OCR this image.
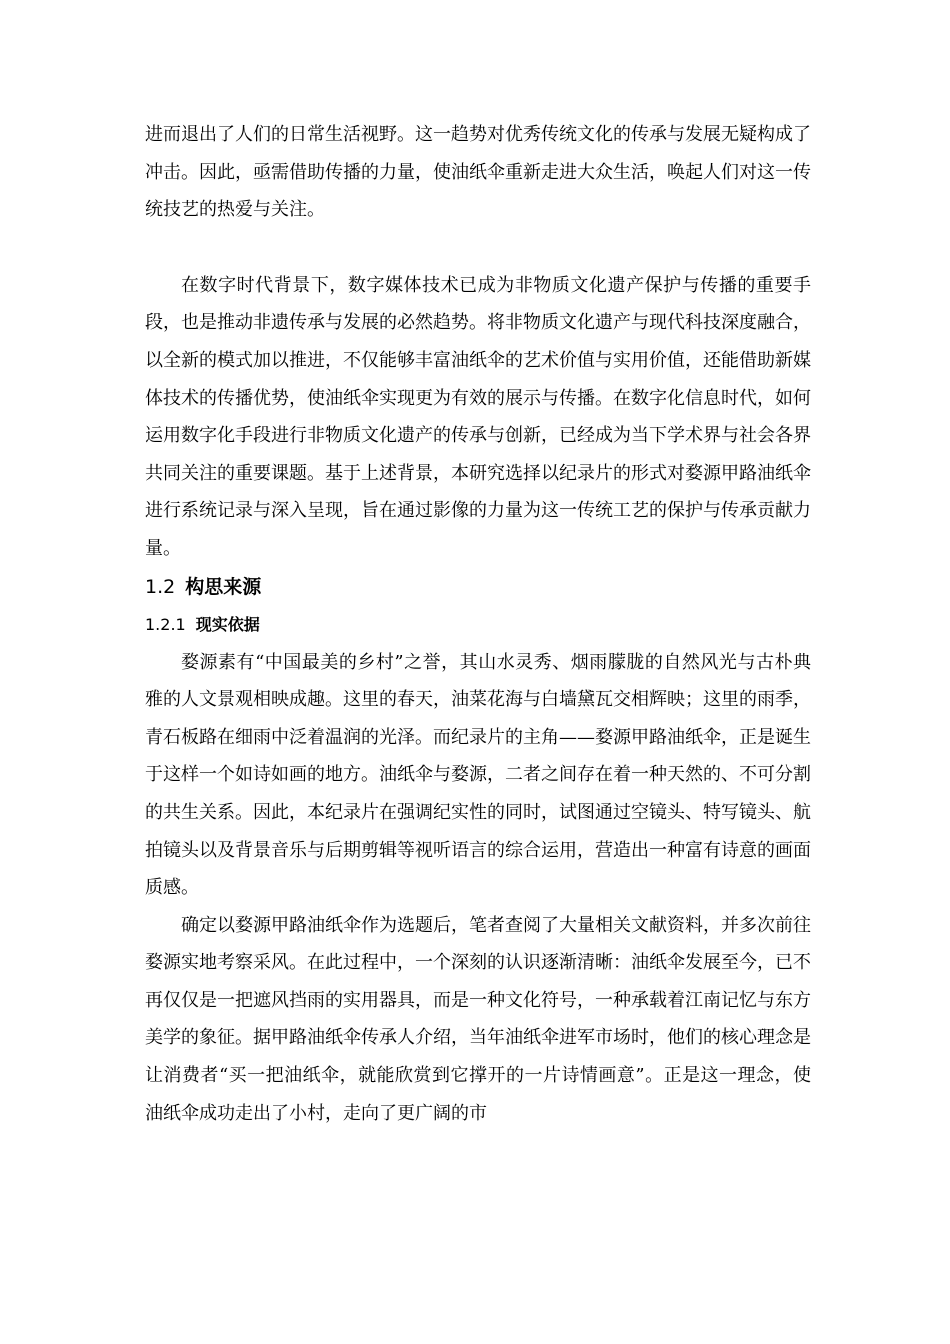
进而退出了人们的日常生活视野。这一趋势对优秀传统文化的传承与发展无疑构成了冲击。因此，亟需借助传播的力量，使油纸伞重新走进大众生活，唤起人们对这一传统技艺的热爱与关注。

在数字时代背景下，数字媒体技术已成为非物质文化遗产保护与传播的重要手段，也是推动非遗传承与发展的必然趋势。将非物质文化遗产与现代科技深度融合，以全新的模式加以推进，不仅能够丰富油纸伞的艺术价值与实用价值，还能借助新媒体技术的传播优势，使油纸伞实现更为有效的展示与传播。在数字化信息时代，如何运用数字化手段进行非物质文化遗产的传承与创新，已经成为当下学术界与社会各界共同关注的重要课题。基于上述背景，本研究选择以纪录片的形式对婺源甲路油纸伞进行系统记录与深入呈现，旨在通过影像的力量为这一传统工艺的保护与传承贡献力量。

1.2 构思来源
1.2.1 现实依据

婺源素有“中国最美的乡村”之誉，其山水灵秀、烟雨朦胧的自然风光与古朴典雅的人文景观相映成趣。这里的春天，油菜花海与白墙黛瓦交相辉映；这里的雨季，青石板路在细雨中泛着温润的光泽。而纪录片的主角——婺源甲路油纸伞，正是诞生于这样一个如诗如画的地方。油纸伞与婺源，二者之间存在着一种天然的、不可分割的共生关系。因此，本纪录片在强调纪实性的同时，试图通过空镜头、特写镜头、航拍镜头以及背景音乐与后期剪辑等视听语言的综合运用，营造出一种富有诗意的画面质感。

确定以婺源甲路油纸伞作为选题后，笔者查阅了大量相关文献资料，并多次前往婺源实地考察采风。在此过程中，一个深刻的认识逐渐清晰：油纸伞发展至今，已不再仅仅是一把遮风挡雨的实用器具，而是一种文化符号，一种承载着江南记忆与东方美学的象征。据甲路油纸伞传承人介绍，当年油纸伞进军市场时，他们的核心理念是让消费者“买一把油纸伞，就能欣赏到它撑开的一片诗情画意”。正是这一理念，使油纸伞成功走出了小村，走向了更广阔的市
